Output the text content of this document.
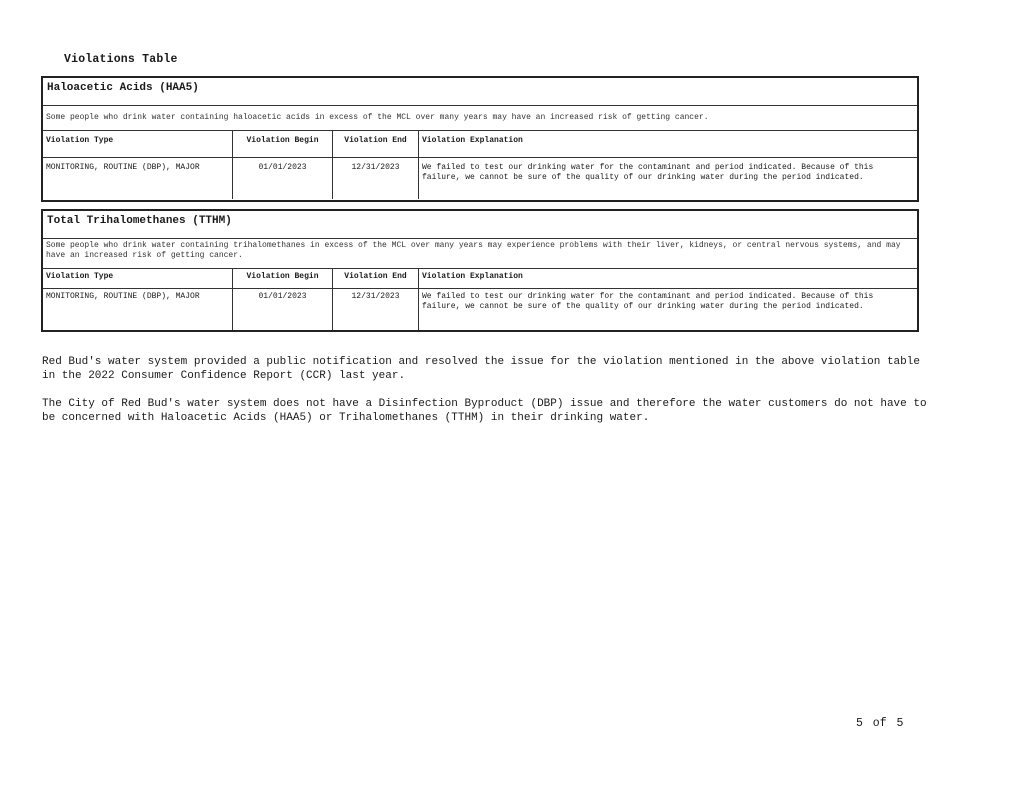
Violations Table
Haloacetic Acids (HAA5)
Some people who drink water containing haloacetic acids in excess of the MCL over many years may have an increased risk of getting cancer.
Violation Type	Violation Begin	Violation End	Violation Explanation
MONITORING, ROUTINE (DBP), MAJOR	01/01/2023	12/31/2023	We failed to test our drinking water for the contaminant and period indicated. Because of this failure, we cannot be sure of the quality of our drinking water during the period indicated.
Total Trihalomethanes (TTHM)
Some people who drink water containing trihalomethanes in excess of the MCL over many years may experience problems with their liver, kidneys, or central nervous systems, and may have an increased risk of getting cancer.
Violation Type	Violation Begin	Violation End	Violation Explanation
MONITORING, ROUTINE (DBP), MAJOR	01/01/2023	12/31/2023	We failed to test our drinking water for the contaminant and period indicated. Because of this failure, we cannot be sure of the quality of our drinking water during the period indicated.

Red Bud's water system provided a public notification and resolved the issue for the violation mentioned in the above violation table in the 2022 Consumer Confidence Report (CCR) last year.

The City of Red Bud's water system does not have a Disinfection Byproduct (DBP) issue and therefore the water customers do not have to be concerned with Haloacetic Acids (HAA5) or Trihalomethanes (TTHM) in their drinking water.

5 of 5
